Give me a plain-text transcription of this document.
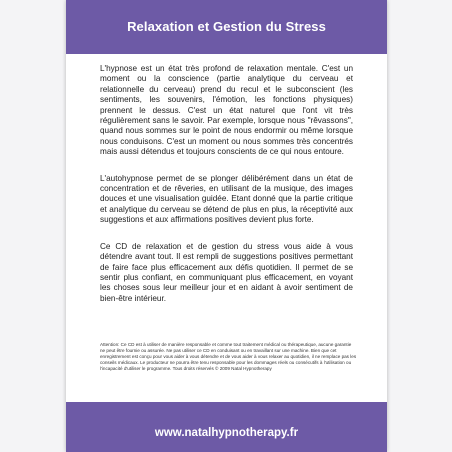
Relaxation et Gestion du Stress

L'hypnose est un état très profond de relaxation mentale. C'est un moment ou la conscience (partie analytique du cerveau et relationnelle du cerveau) prend du recul et le subconscient (les sentiments, les souvenirs, l'émotion, les fonctions physiques) prennent le dessus. C'est un état naturel que l'ont vit très régulièrement sans le savoir. Par exemple, lorsque nous "rêvassons", quand nous sommes sur le point de nous endormir ou même lorsque nous conduisons. C'est un moment ou nous sommes très concentrés mais aussi détendus et toujours conscients de ce qui nous entoure.

L'autohypnose permet de se plonger délibérément dans un état de concentration et de rêveries, en utilisant de la musique, des images douces et une visualisation guidée. Etant donné que la partie critique et analytique du cerveau se détend de plus en plus, la réceptivité aux suggestions et aux affirmations positives devient plus forte.

Ce CD de relaxation et de gestion du stress vous aide à vous détendre avant tout. Il est rempli de suggestions positives permettant de faire face plus efficacement aux défis quotidien. Il permet de se sentir plus confiant, en communiquant plus efficacement, en voyant les choses sous leur meilleur jour et en aidant à avoir sentiment de bien-être intérieur.

Attention: Ce CD est à utiliser de manière responsable et comme tout traitement médical ou thérapeutique, aucune garantie ne peut être fournie ou assurée. Ne pas utiliser ce CD en conduisant ou en travaillant sur une machine. Bien que cet enregistrement est conçu pour vous aider à vous détendre et de vous aider à vous relaxer au quotidien, il ne remplace pas les conseils médicaux. Le producteur ne pourra être tenu responsable pour les dommages réels ou consécutifs à l'utilisation ou l'incapacité d'utiliser le programme. Tous droits réservés © 2009 Natal Hypnotherapy
www.natalhypnotherapy.fr
